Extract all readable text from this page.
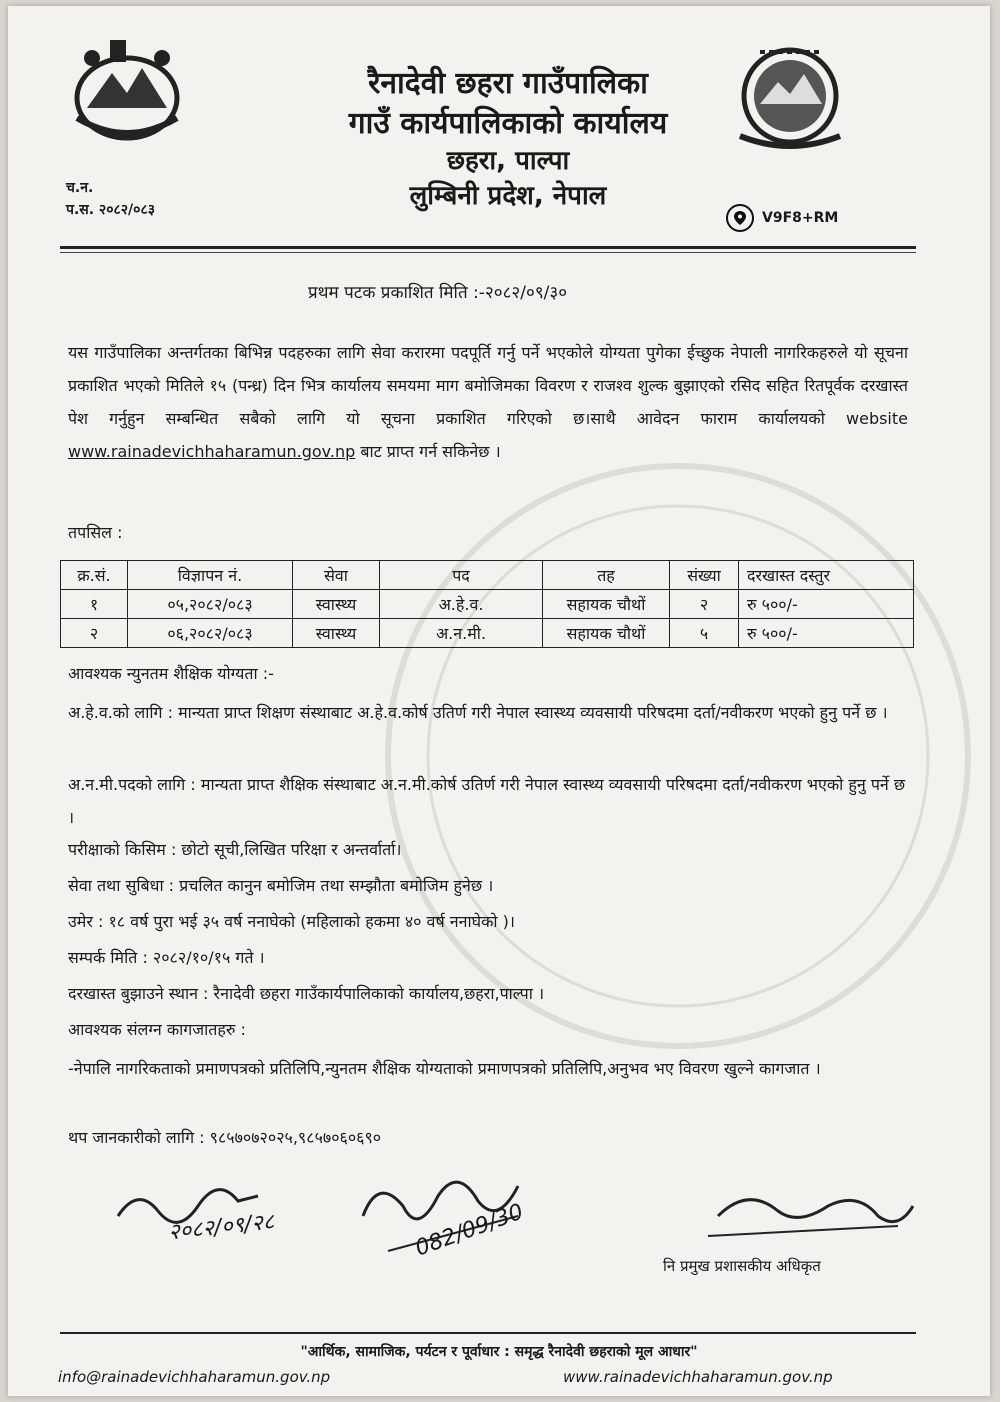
रैनादेवी छहरा गाउँपालिका
गाउँ कार्यपालिकाको कार्यालय
छहरा, पाल्पा
लुम्बिनी प्रदेश, नेपाल
च.न.
प.स. २०८२/०८३	V9F8+RM
प्रथम पटक प्रकाशित मिति :-२०८२/०९/३०
यस गाउँपालिका अन्तर्गतका बिभिन्न पदहरुका लागि सेवा करारमा पदपूर्ति गर्नु पर्ने भएकोले योग्यता पुगेका ईच्छुक नेपाली नागरिकहरुले यो सूचना प्रकाशित भएको मितिले १५ (पन्ध्र) दिन भित्र कार्यालय समयमा माग बमोजिमका विवरण र राजश्व शुल्क बुझाएको रसिद सहित रितपूर्वक दरखास्त पेश गर्नुहुन सम्बन्धित सबैको लागि यो सूचना प्रकाशित गरिएको छ।साथै आवेदन फाराम कार्यालयको website www.rainadevichhaharamun.gov.np बाट प्राप्त गर्न सकिनेछ ।
तपसिल :
क्र.सं.	विज्ञापन नं.	सेवा	पद	तह	संख्या	दरखास्त दस्तुर
१	०५,२०८२/०८३	स्वास्थ्य	अ.हे.व.	सहायक चौथों	२	रु ५००/-
२	०६,२०८२/०८३	स्वास्थ्य	अ.न.मी.	सहायक चौथों	५	रु ५००/-
आवश्यक न्युनतम शैक्षिक योग्यता :-
अ.हे.व.को लागि : मान्यता प्राप्त शिक्षण संस्थाबाट अ.हे.व.कोर्ष उतिर्ण गरी नेपाल स्वास्थ्य व्यवसायी परिषदमा दर्ता/नवीकरण भएको हुनु पर्ने छ ।
अ.न.मी.पदको लागि : मान्यता प्राप्त शैक्षिक संस्थाबाट अ.न.मी.कोर्ष उतिर्ण गरी नेपाल स्वास्थ्य व्यवसायी परिषदमा दर्ता/नवीकरण भएको हुनु पर्ने छ ।
परीक्षाको किसिम : छोटो सूची,लिखित परिक्षा र अन्तर्वार्ता।
सेवा तथा सुबिधा : प्रचलित कानुन बमोजिम तथा सम्झौता बमोजिम हुनेछ ।
उमेर : १८ वर्ष पुरा भई ३५ वर्ष ननाघेको (महिलाको हकमा ४० वर्ष ननाघेको )।
सम्पर्क मिति : २०८२/१०/१५ गते ।
दरखास्त बुझाउने स्थान : रैनादेवी छहरा गाउँकार्यपालिकाको कार्यालय,छहरा,पाल्पा ।
आवश्यक संलग्न कागजातहरु :
-नेपालि नागरिकताको प्रमाणपत्रको प्रतिलिपि,न्युनतम शैक्षिक योग्यताको प्रमाणपत्रको प्रतिलिपि,अनुभव भए विवरण खुल्ने कागजात ।
थप जानकारीको लागि : ९८५७०७२०२५,९८५७०६०६९०
२०८२/०९/२८	082/09/30
नि प्रमुख प्रशासकीय अधिकृत
"आर्थिक, सामाजिक, पर्यटन र पूर्वाधार : समृद्ध रैनादेवी छहराको मूल आधार"
info@rainadevichhaharamun.gov.np	www.rainadevichhaharamun.gov.np
